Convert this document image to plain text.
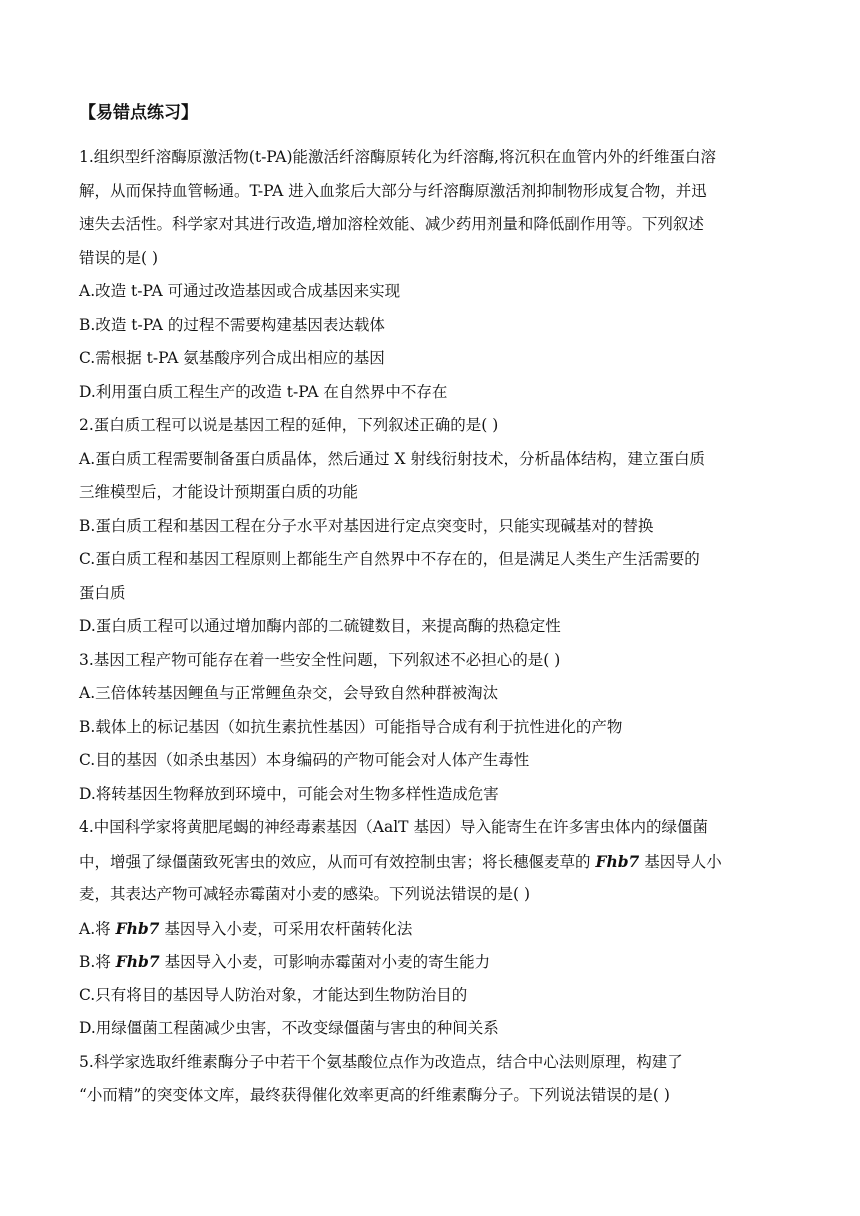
【易错点练习】
1.组织型纤溶酶原激活物(t-PA)能激活纤溶酶原转化为纤溶酶,将沉积在血管内外的纤维蛋白溶
解，从而保持血管畅通。T-PA 进入血浆后大部分与纤溶酶原激活剂抑制物形成复合物，并迅
速失去活性。科学家对其进行改造,增加溶栓效能、减少药用剂量和降低副作用等。下列叙述
错误的是( )
A.改造 t-PA 可通过改造基因或合成基因来实现
B.改造 t-PA 的过程不需要构建基因表达载体
C.需根据 t-PA 氨基酸序列合成出相应的基因
D.利用蛋白质工程生产的改造 t-PA 在自然界中不存在
2.蛋白质工程可以说是基因工程的延伸，下列叙述正确的是( )
A.蛋白质工程需要制备蛋白质晶体，然后通过 X 射线衍射技术，分析晶体结构，建立蛋白质
三维模型后，才能设计预期蛋白质的功能
B.蛋白质工程和基因工程在分子水平对基因进行定点突变时，只能实现碱基对的替换
C.蛋白质工程和基因工程原则上都能生产自然界中不存在的，但是满足人类生产生活需要的
蛋白质
D.蛋白质工程可以通过增加酶内部的二硫键数目，来提高酶的热稳定性
3.基因工程产物可能存在着一些安全性问题，下列叙述不必担心的是( )
A.三倍体转基因鲤鱼与正常鲤鱼杂交，会导致自然种群被淘汰
B.载体上的标记基因（如抗生素抗性基因）可能指导合成有利于抗性进化的产物
C.目的基因（如杀虫基因）本身编码的产物可能会对人体产生毒性
D.将转基因生物释放到环境中，可能会对生物多样性造成危害
4.中国科学家将黄肥尾蝎的神经毒素基因（AalT 基因）导入能寄生在许多害虫体内的绿僵菌
中，增强了绿僵菌致死害虫的效应，从而可有效控制虫害；将长穗偃麦草的 Fhb7 基因导人小
麦，其表达产物可减轻赤霉菌对小麦的感染。下列说法错误的是( )
A.将 Fhb7 基因导入小麦，可采用农杆菌转化法
B.将 Fhb7 基因导入小麦，可影响赤霉菌对小麦的寄生能力
C.只有将目的基因导人防治对象，才能达到生物防治目的
D.用绿僵菌工程菌减少虫害，不改变绿僵菌与害虫的种间关系
5.科学家选取纤维素酶分子中若干个氨基酸位点作为改造点，结合中心法则原理，构建了
“小而精”的突变体文库，最终获得催化效率更高的纤维素酶分子。下列说法错误的是( )
